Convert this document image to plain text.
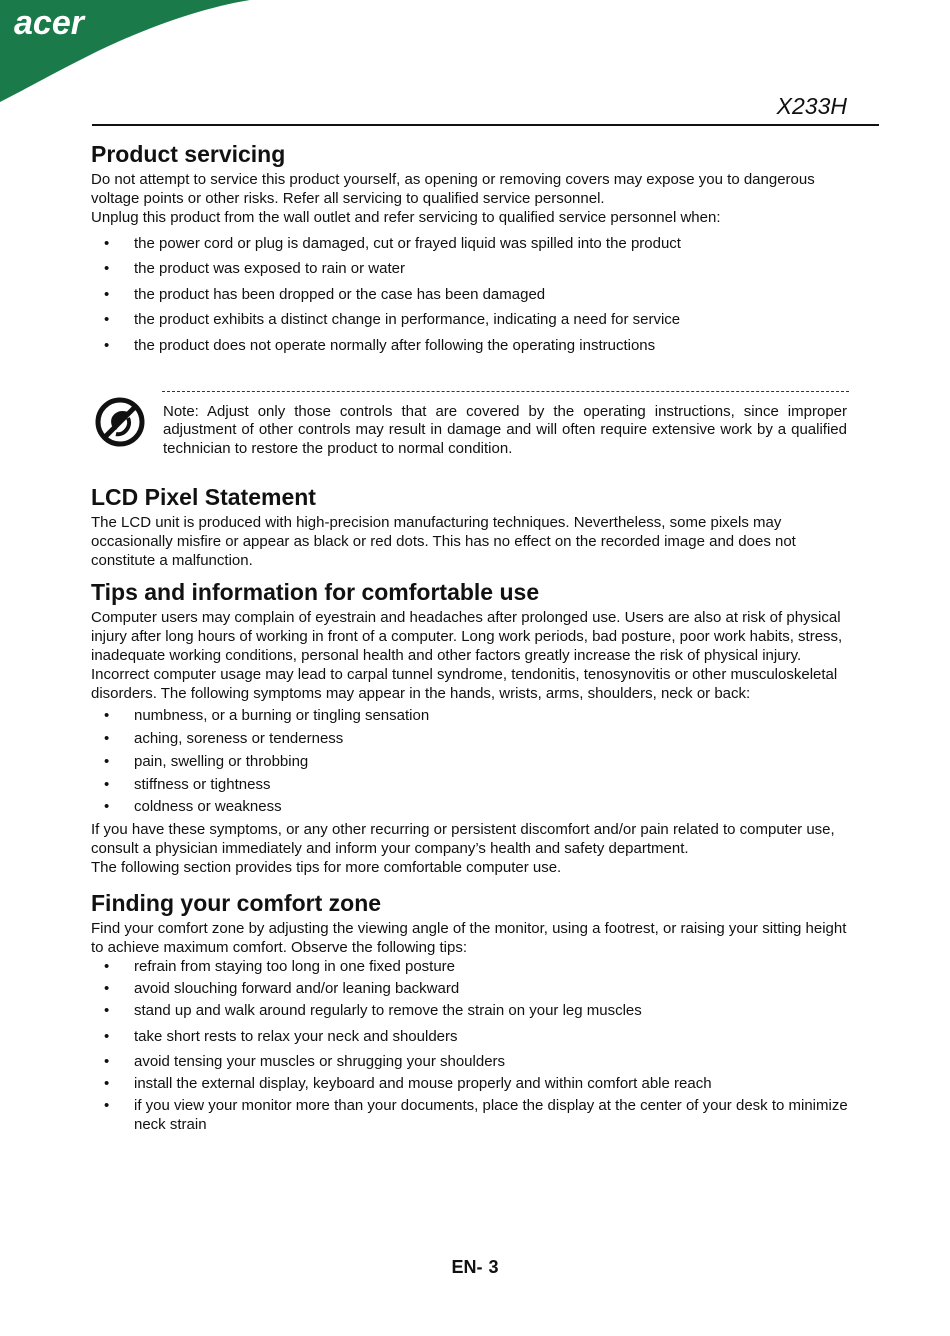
acer
X233H
Product servicing

Do not attempt to service this product yourself, as opening or removing covers may expose you to dangerous voltage points or other risks. Refer all servicing to qualified service personnel.

Unplug this product from the wall outlet and refer servicing to qualified service personnel when:

• the power cord or plug is damaged, cut or frayed liquid was spilled into the product
• the product was exposed to rain or water
• the product has been dropped or the case has been damaged
• the product exhibits a distinct change in performance, indicating a need for service
• the product does not operate normally after following the operating instructions
Note: Adjust only those controls that are covered by the operating instructions, since improper adjustment of other controls may result in damage and will often require extensive work by a qualified technician to restore the product to normal condition.
LCD Pixel Statement

The LCD unit is produced with high-precision manufacturing techniques. Nevertheless, some pixels may occasionally misfire or appear as black or red dots. This has no effect on the recorded image and does not constitute a malfunction.

Tips and information for comfortable use

Computer users may complain of eyestrain and headaches after prolonged use. Users are also at risk of physical injury after long hours of working in front of a computer. Long work periods, bad posture, poor work habits, stress, inadequate working conditions, personal health and other factors greatly increase the risk of physical injury.

Incorrect computer usage may lead to carpal tunnel syndrome, tendonitis, tenosynovitis or other musculoskeletal disorders. The following symptoms may appear in the hands, wrists, arms, shoulders, neck or back:

• numbness, or a burning or tingling sensation
• aching, soreness or tenderness
• pain, swelling or throbbing
• stiffness or tightness
• coldness or weakness

If you have these symptoms, or any other recurring or persistent discomfort and/or pain related to computer use, consult a physician immediately and inform your company’s health and safety department.

The following section provides tips for more comfortable computer use.

Finding your comfort zone

Find your comfort zone by adjusting the viewing angle of the monitor, using a footrest, or raising your sitting height to achieve maximum comfort. Observe the following tips:

• refrain from staying too long in one fixed posture
• avoid slouching forward and/or leaning backward
• stand up and walk around regularly to remove the strain on your leg muscles
• take short rests to relax your neck and shoulders
• avoid tensing your muscles or shrugging your shoulders
• install the external display, keyboard and mouse properly and within comfort able reach
• if you view your monitor more than your documents, place the display at the center of your desk to minimize neck strain
EN- 3
